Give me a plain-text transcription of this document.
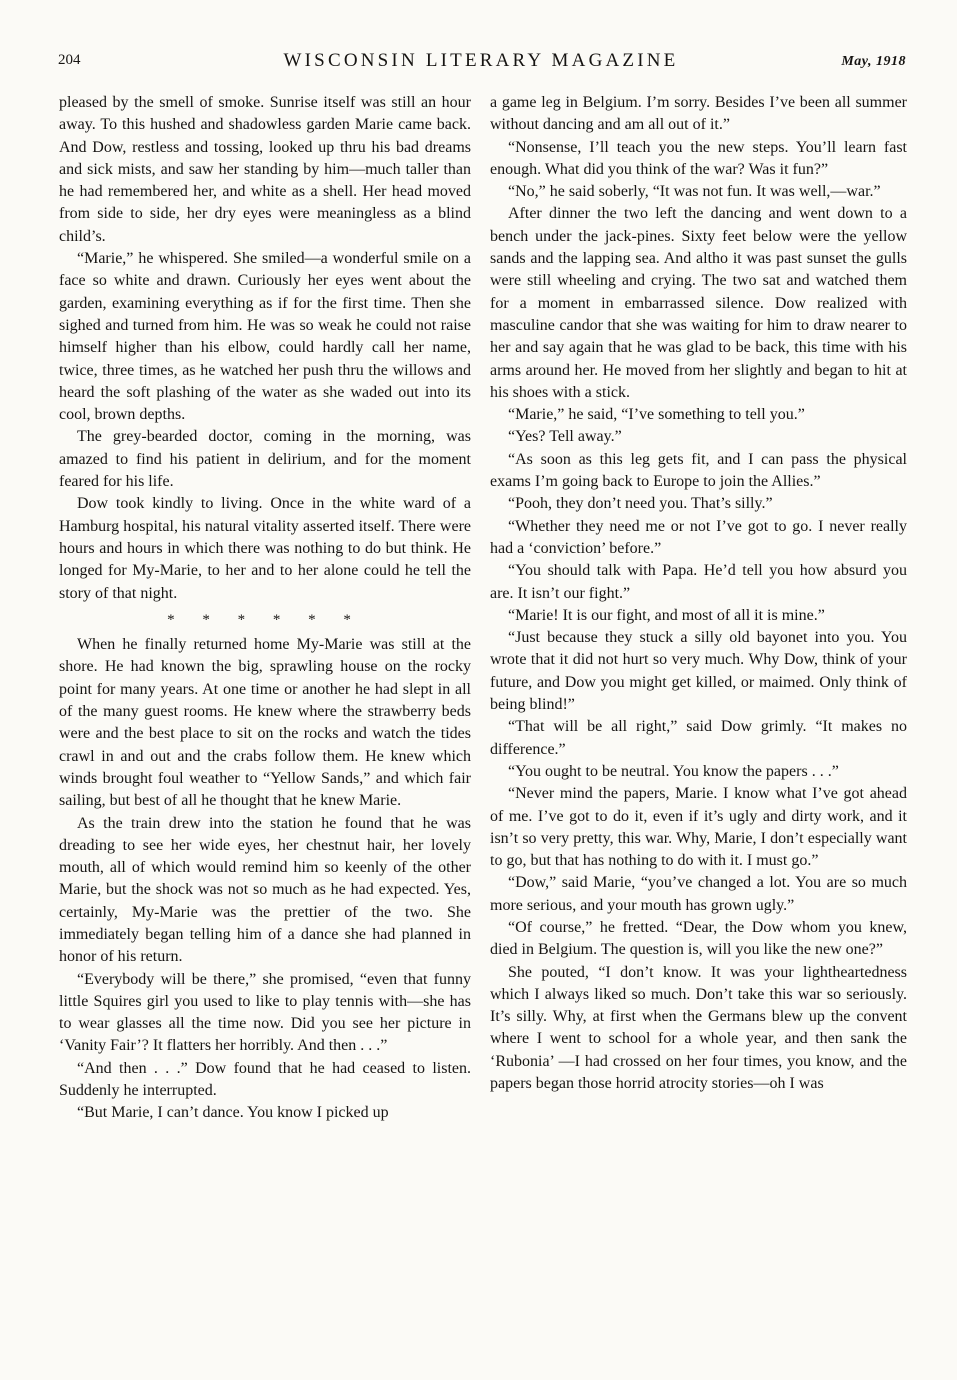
204	WISCONSIN LITERARY MAGAZINE	May, 1918

pleased by the smell of smoke. Sunrise itself was still an hour away. To this hushed and shadowless garden Marie came back. And Dow, restless and tossing, looked up thru his bad dreams and sick mists, and saw her standing by him—much taller than he had remembered her, and white as a shell. Her head moved from side to side, her dry eyes were meaningless as a blind child’s.

“Marie,” he whispered. She smiled—a wonderful smile on a face so white and drawn. Curiously her eyes went about the garden, examining everything as if for the first time. Then she sighed and turned from him. He was so weak he could not raise himself higher than his elbow, could hardly call her name, twice, three times, as he watched her push thru the willows and heard the soft plashing of the water as she waded out into its cool, brown depths.

The grey-bearded doctor, coming in the morning, was amazed to find his patient in delirium, and for the moment feared for his life.

Dow took kindly to living. Once in the white ward of a Hamburg hospital, his natural vitality asserted itself. There were hours and hours in which there was nothing to do but think. He longed for My-Marie, to her and to her alone could he tell the story of that night.

* * * * * *

When he finally returned home My-Marie was still at the shore. He had known the big, sprawling house on the rocky point for many years. At one time or another he had slept in all of the many guest rooms. He knew where the strawberry beds were and the best place to sit on the rocks and watch the tides crawl in and out and the crabs follow them. He knew which winds brought foul weather to “Yellow Sands,” and which fair sailing, but best of all he thought that he knew Marie.

As the train drew into the station he found that he was dreading to see her wide eyes, her chestnut hair, her lovely mouth, all of which would remind him so keenly of the other Marie, but the shock was not so much as he had expected. Yes, certainly, My-Marie was the prettier of the two. She immediately began telling him of a dance she had planned in honor of his return.

“Everybody will be there,” she promised, “even that funny little Squires girl you used to like to play tennis with—she has to wear glasses all the time now. Did you see her picture in ‘Vanity Fair’? It flatters her horribly. And then . . .”

“And then . . .” Dow found that he had ceased to listen. Suddenly he interrupted.

“But Marie, I can’t dance. You know I picked up

a game leg in Belgium. I’m sorry. Besides I’ve been all summer without dancing and am all out of it.”

“Nonsense, I’ll teach you the new steps. You’ll learn fast enough. What did you think of the war? Was it fun?”

“No,” he said soberly, “It was not fun. It was well,—war.”

After dinner the two left the dancing and went down to a bench under the jack-pines. Sixty feet below were the yellow sands and the lapping sea. And altho it was past sunset the gulls were still wheeling and crying. The two sat and watched them for a moment in embarrassed silence. Dow realized with masculine candor that she was waiting for him to draw nearer to her and say again that he was glad to be back, this time with his arms around her. He moved from her slightly and began to hit at his shoes with a stick.

“Marie,” he said, “I’ve something to tell you.”

“Yes? Tell away.”

“As soon as this leg gets fit, and I can pass the physical exams I’m going back to Europe to join the Allies.”

“Pooh, they don’t need you. That’s silly.”

“Whether they need me or not I’ve got to go. I never really had a ‘conviction’ before.”

“You should talk with Papa. He’d tell you how absurd you are. It isn’t our fight.”

“Marie! It is our fight, and most of all it is mine.”

“Just because they stuck a silly old bayonet into you. You wrote that it did not hurt so very much. Why Dow, think of your future, and Dow you might get killed, or maimed. Only think of being blind!”

“That will be all right,” said Dow grimly. “It makes no difference.”

“You ought to be neutral. You know the papers . . .”

“Never mind the papers, Marie. I know what I’ve got ahead of me. I’ve got to do it, even if it’s ugly and dirty work, and it isn’t so very pretty, this war. Why, Marie, I don’t especially want to go, but that has nothing to do with it. I must go.”

“Dow,” said Marie, “you’ve changed a lot. You are so much more serious, and your mouth has grown ugly.”

“Of course,” he fretted. “Dear, the Dow whom you knew, died in Belgium. The question is, will you like the new one?”

She pouted, “I don’t know. It was your lightheartedness which I always liked so much. Don’t take this war so seriously. It’s silly. Why, at first when the Germans blew up the convent where I went to school for a whole year, and then sank the ‘Rubonia’ —I had crossed on her four times, you know, and the papers began those horrid atrocity stories—oh I was
